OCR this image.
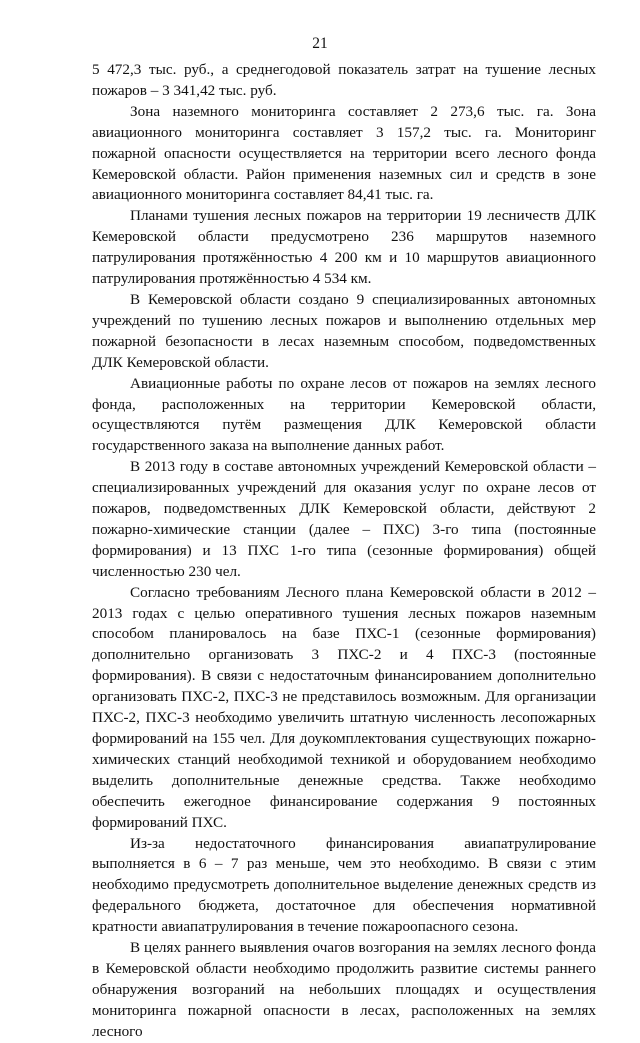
21

5 472,3 тыс. руб., а среднегодовой показатель затрат на тушение лесных пожаров – 3 341,42 тыс. руб.

Зона наземного мониторинга составляет 2 273,6 тыс. га. Зона авиационного мониторинга составляет 3 157,2 тыс. га. Мониторинг пожарной опасности осуществляется на территории всего лесного фонда Кемеровской области. Район применения наземных сил и средств в зоне авиационного мониторинга составляет 84,41 тыс. га.

Планами тушения лесных пожаров на территории 19 лесничеств ДЛК Кемеровской области предусмотрено 236 маршрутов наземного патрулирования протяжённостью 4 200 км и 10 маршрутов авиационного патрулирования протяжённостью 4 534 км.

В Кемеровской области создано 9 специализированных автономных учреждений по тушению лесных пожаров и выполнению отдельных мер пожарной безопасности в лесах наземным способом, подведомственных ДЛК Кемеровской области.

Авиационные работы по охране лесов от пожаров на землях лесного фонда, расположенных на территории Кемеровской области, осуществляются путём размещения ДЛК Кемеровской области государственного заказа на выполнение данных работ.

В 2013 году в составе автономных учреждений Кемеровской области – специализированных учреждений для оказания услуг по охране лесов от пожаров, подведомственных ДЛК Кемеровской области, действуют 2 пожарно-химические станции (далее – ПХС) 3-го типа (постоянные формирования) и 13 ПХС 1-го типа (сезонные формирования) общей численностью 230 чел.

Согласно требованиям Лесного плана Кемеровской области в 2012 – 2013 годах с целью оперативного тушения лесных пожаров наземным способом планировалось на базе ПХС-1 (сезонные формирования) дополнительно организовать 3 ПХС-2 и 4 ПХС-3 (постоянные формирования). В связи с недостаточным финансированием дополнительно организовать ПХС-2, ПХС-3 не представилось возможным. Для организации ПХС-2, ПХС-3 необходимо увеличить штатную численность лесопожарных формирований на 155 чел. Для доукомплектования существующих пожарно-химических станций необходимой техникой и оборудованием необходимо выделить дополнительные денежные средства. Также необходимо обеспечить ежегодное финансирование содержания 9 постоянных формирований ПХС.

Из-за недостаточного финансирования авиапатрулирование выполняется в 6 – 7 раз меньше, чем это необходимо. В связи с этим необходимо предусмотреть дополнительное выделение денежных средств из федерального бюджета, достаточное для обеспечения нормативной кратности авиапатрулирования в течение пожароопасного сезона.

В целях раннего выявления очагов возгорания на землях лесного фонда в Кемеровской области необходимо продолжить развитие системы раннего обнаружения возгораний на небольших площадях и осуществления мониторинга пожарной опасности в лесах, расположенных на землях лесного
